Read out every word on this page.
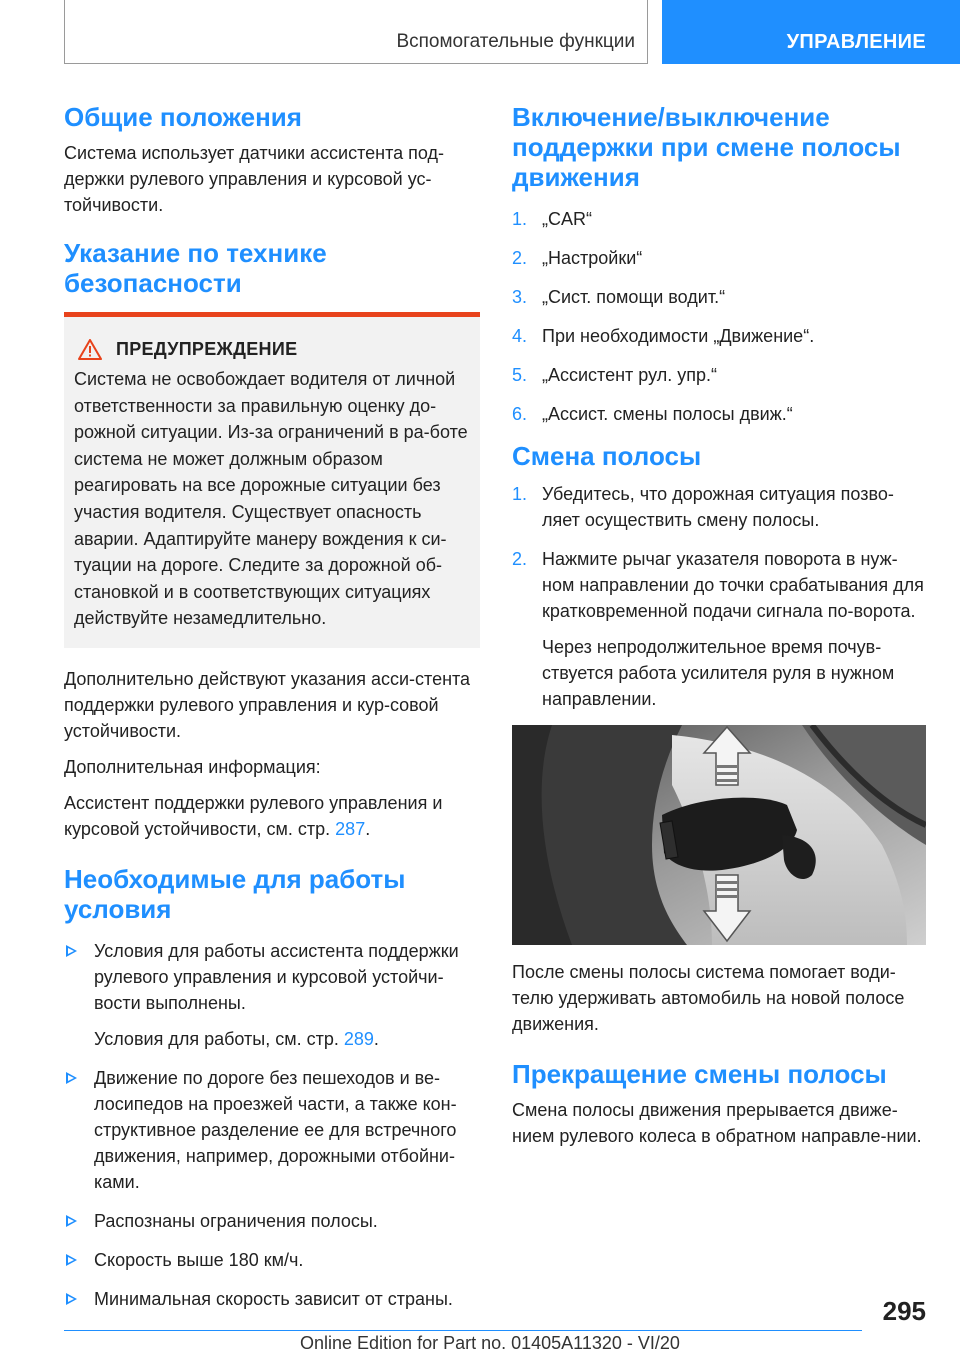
Вспомогательные функции	УПРАВЛЕНИЕ
Общие положения

Система использует датчики ассистента под-держки рулевого управления и курсовой ус-тойчивости.

Указание по технике безопасности
ПРЕДУПРЕЖДЕНИЕ

Система не освобождает водителя от личной ответственности за правильную оценку до-рожной ситуации. Из-за ограничений в ра-боте система не может должным образом реагировать на все дорожные ситуации без участия водителя. Существует опасность аварии. Адаптируйте манеру вождения к си-туации на дороге. Следите за дорожной об-становкой и в соответствующих ситуациях действуйте незамедлительно.

Дополнительно действуют указания асси-стента поддержки рулевого управления и кур-совой устойчивости.

Дополнительная информация:

Ассистент поддержки рулевого управления и курсовой устойчивости, см. стр. 287.

Необходимые для работы условия

Условия для работы ассистента поддержки рулевого управления и курсовой устойчи-вости выполнены.

Условия для работы, см. стр. 289.

Движение по дороге без пешеходов и ве-лосипедов на проезжей части, а также кон-структивное разделение ее для встречного движения, например, дорожными отбойни-ками.

Распознаны ограничения полосы.

Скорость выше 180 км/ч.

Минимальная скорость зависит от страны.

Включение/выключение поддержки при смене полосы движения
1. „CAR“

2. „Настройки“

3. „Сист. помощи водит.“

4. При необходимости „Движение“.

5. „Ассистент рул. упр.“

6. „Ассист. смены полосы движ.“

Смена полосы
1. Убедитесь, что дорожная ситуация позво-ляет осуществить смену полосы.

2. Нажмите рычаг указателя поворота в нуж-ном направлении до точки срабатывания для кратковременной подачи сигнала по-ворота.

Через непродолжительное время почув-ствуется работа усилителя руля в нужном направлении.

После смены полосы система помогает води-телю удерживать автомобиль на новой полосе движения.

Прекращение смены полосы

Смена полосы движения прерывается движе-нием рулевого колеса в обратном направле-нии.

295
Online Edition for Part no. 01405A11320 - VI/20
